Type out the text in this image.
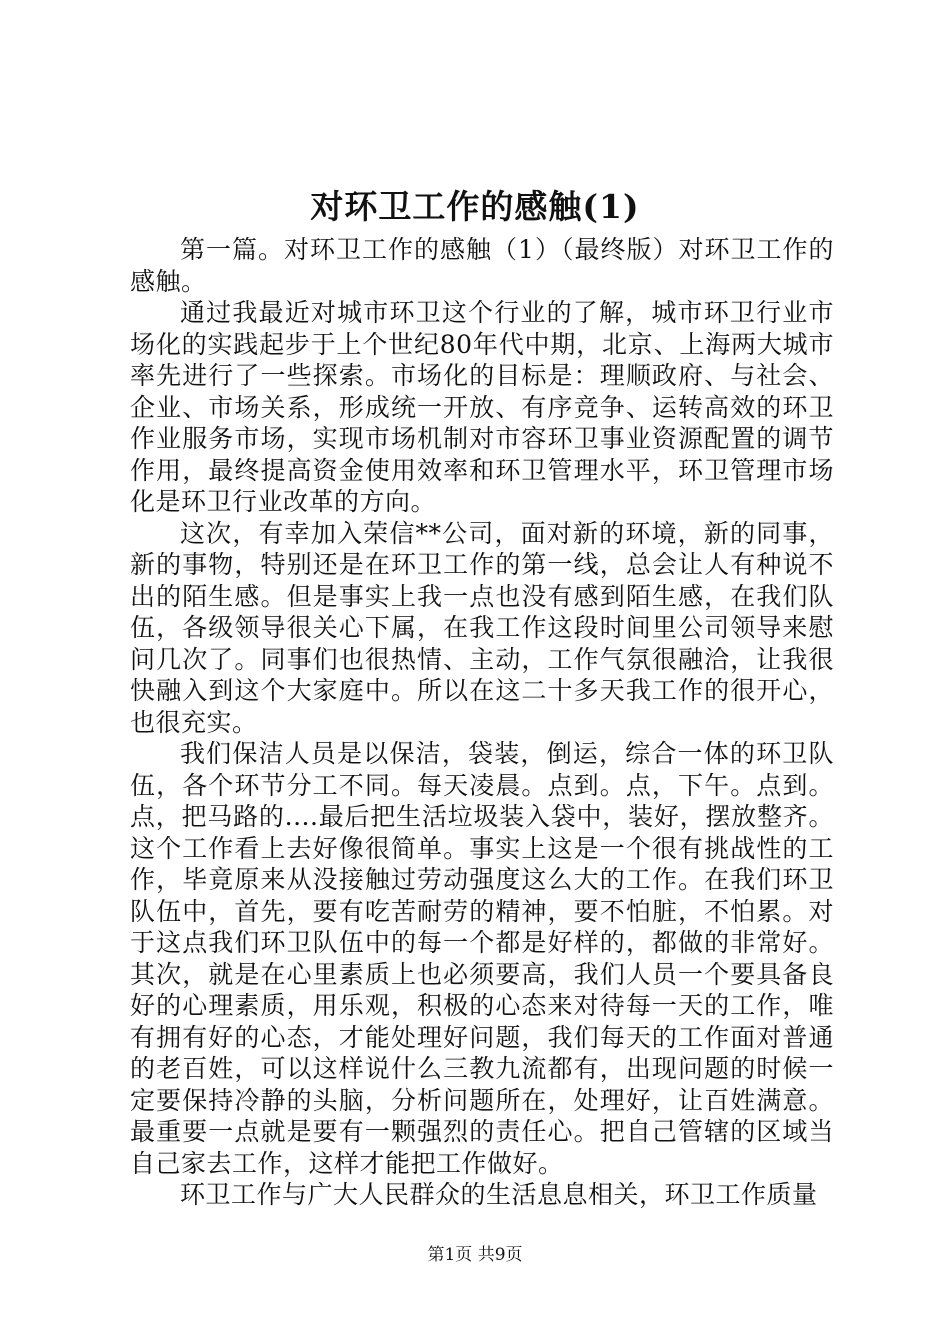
对环卫工作的感触(1)

第一篇。对环卫工作的感触（1）（最终版）对环卫工作的感触。

通过我最近对城市环卫这个行业的了解，城市环卫行业市场化的实践起步于上个世纪80年代中期，北京、上海两大城市率先进行了一些探索。市场化的目标是：理顺政府、与社会、企业、市场关系，形成统一开放、有序竞争、运转高效的环卫作业服务市场，实现市场机制对市容环卫事业资源配置的调节作用，最终提高资金使用效率和环卫管理水平，环卫管理市场化是环卫行业改革的方向。

这次，有幸加入荣信**公司，面对新的环境，新的同事，新的事物，特别还是在环卫工作的第一线，总会让人有种说不出的陌生感。但是事实上我一点也没有感到陌生感，在我们队伍，各级领导很关心下属，在我工作这段时间里公司领导来慰问几次了。同事们也很热情、主动，工作气氛很融洽，让我很快融入到这个大家庭中。所以在这二十多天我工作的很开心，也很充实。

我们保洁人员是以保洁，袋装，倒运，综合一体的环卫队伍，各个环节分工不同。每天凌晨。点到。点，下午。点到。点，把马路的....最后把生活垃圾装入袋中，装好，摆放整齐。这个工作看上去好像很简单。事实上这是一个很有挑战性的工作，毕竟原来从没接触过劳动强度这么大的工作。在我们环卫队伍中，首先，要有吃苦耐劳的精神，要不怕脏，不怕累。对于这点我们环卫队伍中的每一个都是好样的，都做的非常好。其次，就是在心里素质上也必须要高，我们人员一个要具备良好的心理素质，用乐观，积极的心态来对待每一天的工作，唯有拥有好的心态，才能处理好问题，我们每天的工作面对普通的老百姓，可以这样说什么三教九流都有，出现问题的时候一定要保持冷静的头脑，分析问题所在，处理好，让百姓满意。最重要一点就是要有一颗强烈的责任心。把自己管辖的区域当自己家去工作，这样才能把工作做好。

环卫工作与广大人民群众的生活息息相关，环卫工作质量

第1页 共9页
